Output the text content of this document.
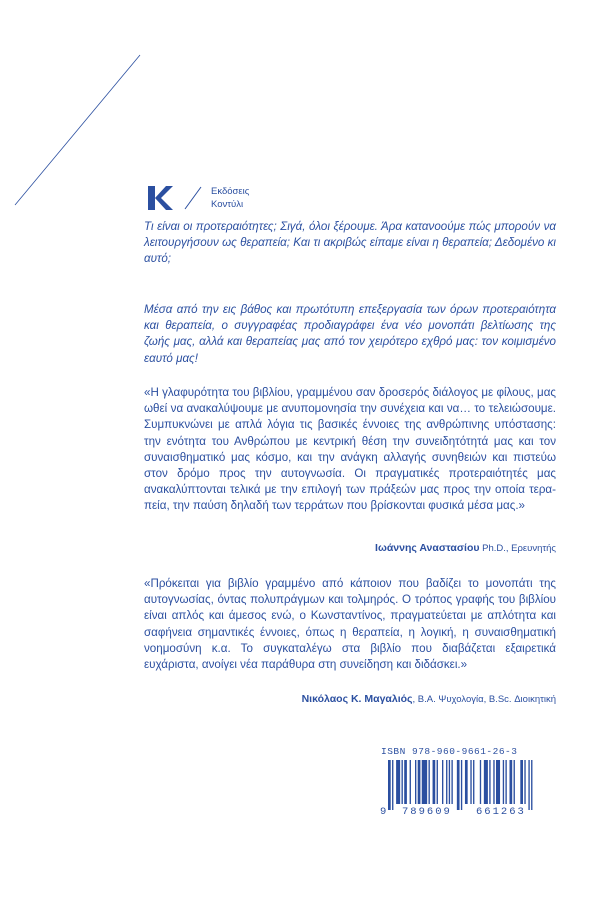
Εκδόσεις
Κοντύλι

Τι είναι οι προτεραιότητες; Σιγά, όλοι ξέρουμε. Άρα κατανοούμε πώς μπορούν να λειτουργήσουν ως θεραπεία; Και τι ακριβώς είπαμε είναι η θεραπεία; Δεδομένο κι αυτό;

Μέσα από την εις βάθος και πρωτότυπη επεξεργασία των όρων προτεραιότητα και θεραπεία, ο συγγραφέας προδιαγράφει ένα νέο μονοπάτι βελτίωσης της ζωής μας, αλλά και θεραπείας μας από τον χειρότερο εχθρό μας: τον κοιμισμένο εαυτό μας!

«Η γλαφυρότητα του βιβλίου, γραμμένου σαν δροσερός διάλογος με φίλους, μας ωθεί να ανακαλύψουμε με ανυπομονησία την συνέχεια και να… το τελειώσουμε. Συμπυκνώνει με απλά λόγια τις βασικές έννοιες της ανθρώπινης υπόστασης: την ενότητα του Ανθρώπου με κεντρική θέση την συνειδητότητά μας και τον συναισθηματικό μας κόσμο, και την ανάγκη αλλαγής συνηθειών και πιστεύω στον δρόμο προς την αυτογνωσία. Οι πραγματικές προτεραιότητές μας ανακαλύπτονται τελικά με την επιλογή των πράξεών μας προς την οποία τερα-πεία, την παύση δηλαδή των τερράτων που βρίσκονται φυσικά μέσα μας.»

Ιωάννης Αναστασίου Ph.D., Ερευνητής

«Πρόκειται για βιβλίο γραμμένο από κάποιον που βαδίζει το μονοπάτι της αυτογνωσίας, όντας πολυπράγμων και τολμηρός. Ο τρόπος γραφής του βιβλίου είναι απλός και άμεσος ενώ, ο Κωνσταντίνος, πραγματεύεται με απλότητα και σαφήνεια σημαντικές έννοιες, όπως η θεραπεία, η λογική, η συναισθηματική νοημοσύνη κ.α. Το συγκαταλέγω στα βιβλίο που διαβάζεται εξαιρετικά ευχάριστα, ανοίγει νέα παράθυρα στη συνείδηση και διδάσκει.»

Νικόλαος Κ. Μαγαλιός, B.A. Ψυχολογία, B.Sc. Διοικητική
ISBN 978-960-9661-26-3
9 789609 661263
